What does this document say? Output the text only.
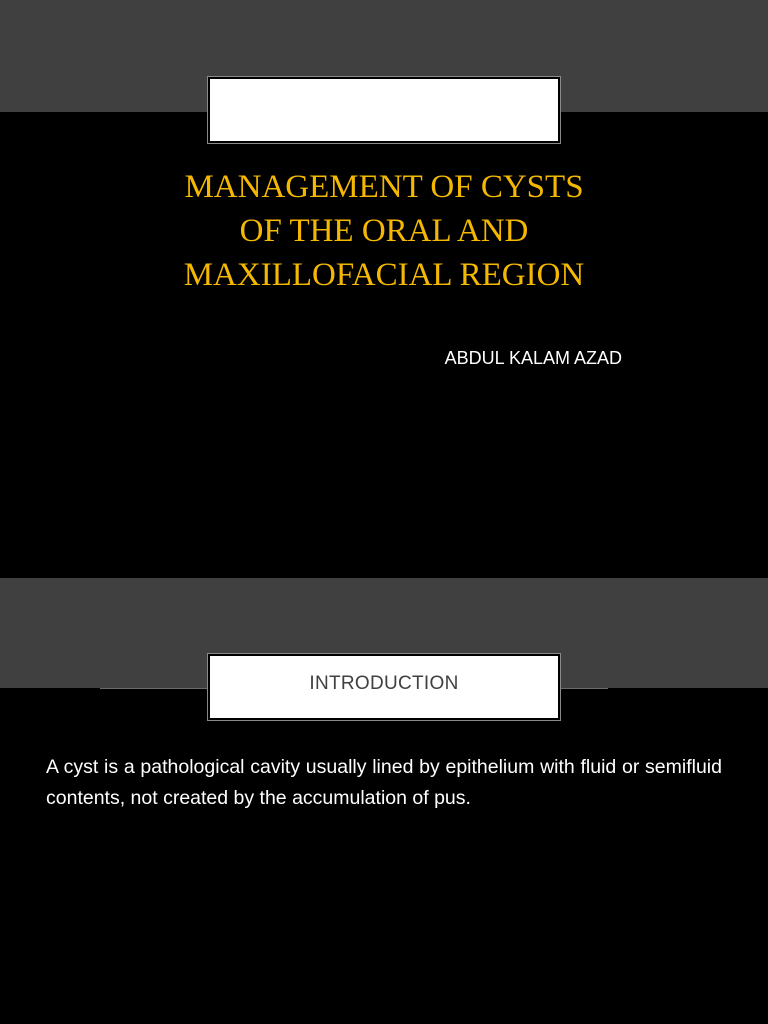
MANAGEMENT OF CYSTS
OF THE ORAL AND
MAXILLOFACIAL REGION
ABDUL KALAM AZAD
INTRODUCTION

A cyst is a pathological cavity usually lined by epithelium with fluid or semifluid contents, not created by the accumulation of pus.
